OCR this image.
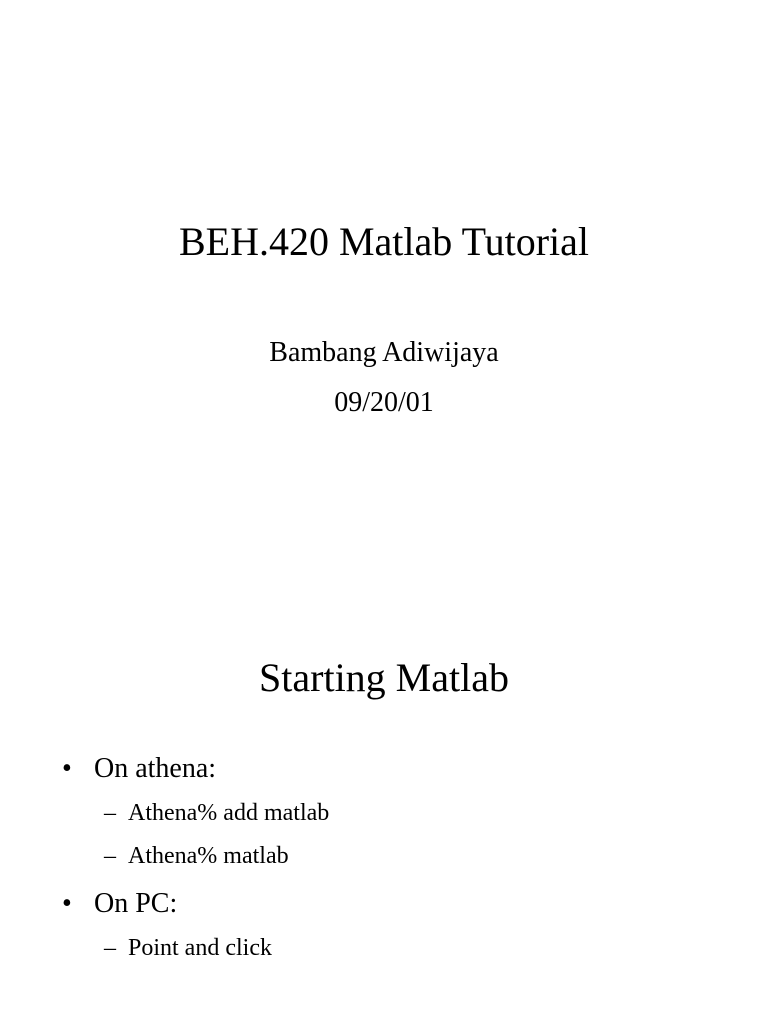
BEH.420 Matlab Tutorial
Bambang Adiwijaya
09/20/01
Starting Matlab
• On athena:
– Athena% add matlab
– Athena% matlab
• On PC:
– Point and click
